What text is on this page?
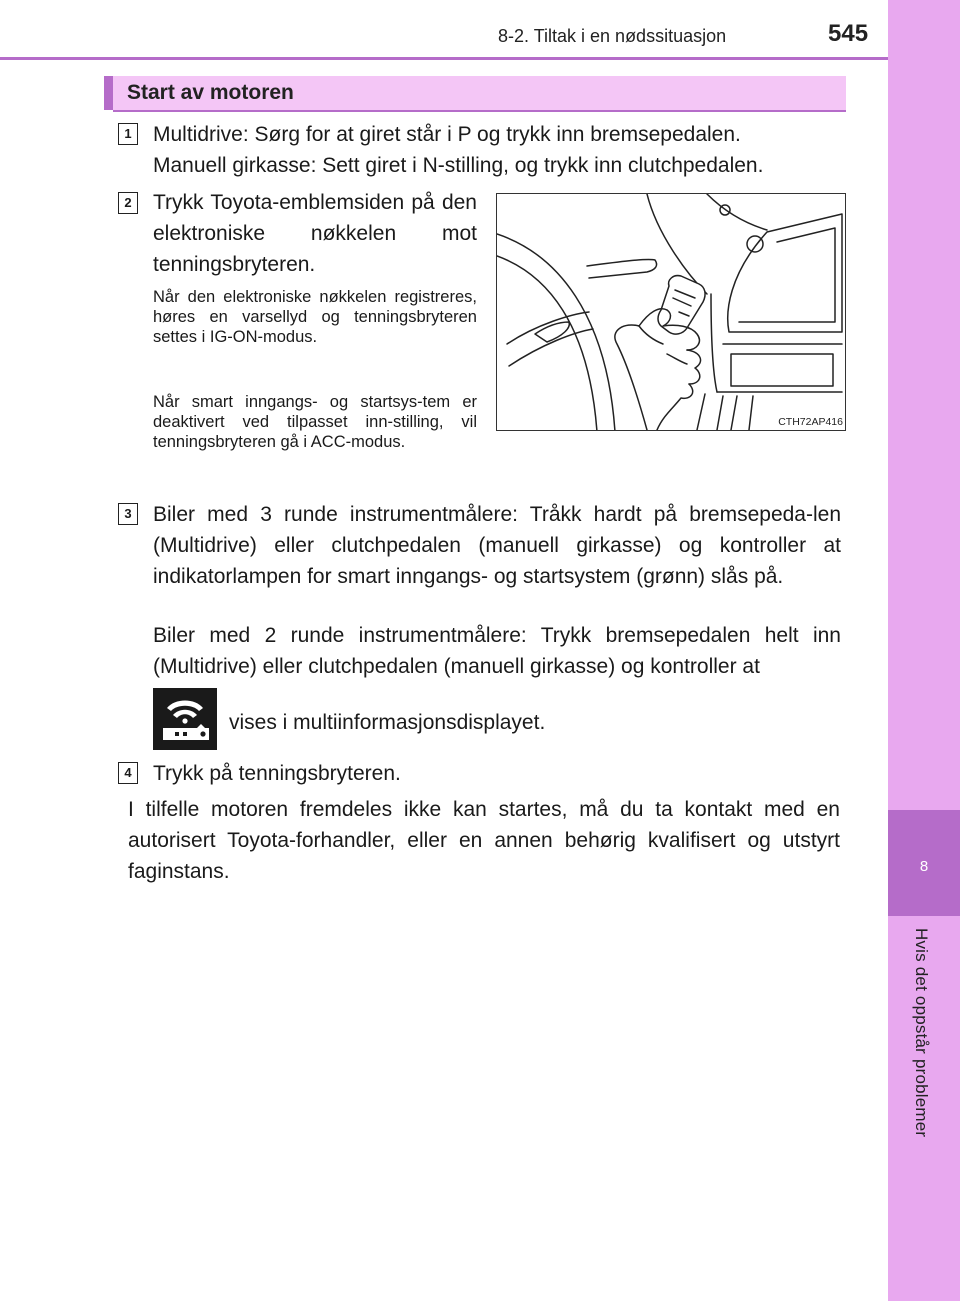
8
Hvis det oppstår problemer
8-2. Tiltak i en nødssituasjon	545
Start av motoren
1	Multidrive: Sørg for at giret står i P og trykk inn bremsepedalen.
Manuell girkasse: Sett giret i N-stilling, og trykk inn clutchpedalen.
2	Trykk Toyota-emblemsiden på den elektroniske nøkkelen mot tenningsbryteren.
Når den elektroniske nøkkelen registreres, høres en varsellyd og tenningsbryteren settes i IG-ON-modus.
Når smart inngangs- og startsys-tem er deaktivert ved tilpasset inn-stilling, vil tenningsbryteren gå i ACC-modus.
CTH72AP416
3	Biler med 3 runde instrumentmålere: Tråkk hardt på bremsepeda-len (Multidrive) eller clutchpedalen (manuell girkasse) og kontroller at indikatorlampen for smart inngangs- og startsystem (grønn) slås på.
Biler med 2 runde instrumentmålere: Trykk bremsepedalen helt inn (Multidrive) eller clutchpedalen (manuell girkasse) og kontroller at
vises i multiinformasjonsdisplayet.
4	Trykk på tenningsbryteren.
I tilfelle motoren fremdeles ikke kan startes, må du ta kontakt med en autorisert Toyota-forhandler, eller en annen behørig kvalifisert og utstyrt faginstans.
